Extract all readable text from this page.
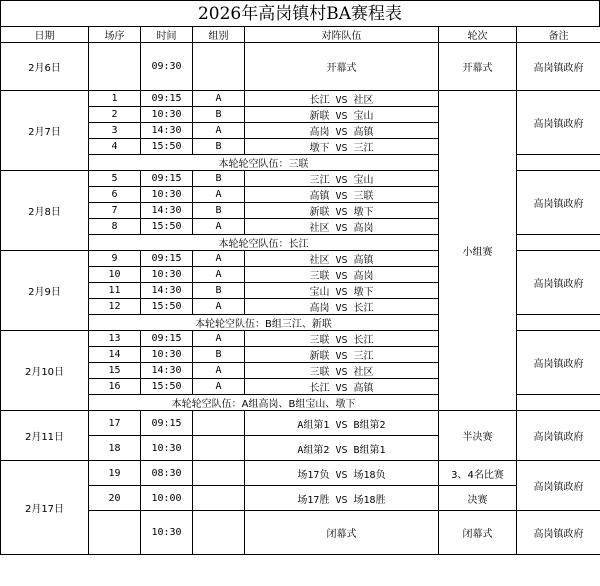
2026年高岗镇村BA赛程表
日期	场序	时间	组别	对阵队伍	轮次	备注
2月6日		09:30		开幕式	开幕式	高岗镇政府
2月7日	1	09:15	A	长江 VS 社区	小组赛	高岗镇政府
	2	10:30	B	新联 VS 宝山		
	3	14:30	A	高岗 VS 高镇		
	4	15:50	B	墩下 VS 三江		
	本轮轮空队伍：三联					
2月8日	5	09:15	B	三江 VS 宝山		高岗镇政府
	6	10:30	A	高镇 VS 三联		
	7	14:30	B	新联 VS 墩下		
	8	15:50	A	社区 VS 高岗		
	本轮轮空队伍：长江					
2月9日	9	09:15	A	社区 VS 高镇		高岗镇政府
	10	10:30	A	三联 VS 高岗		
	11	14:30	B	宝山 VS 墩下		
	12	15:50	A	高岗 VS 长江		
	本轮轮空队伍：B组三江、新联					
2月10日	13	09:15	A	三联 VS 长江		高岗镇政府
	14	10:30	B	新联 VS 三江		
	15	14:30	A	三联 VS 社区		
	16	15:50	A	长江 VS 高镇		
	本轮轮空队伍：A组高岗、B组宝山、墩下					
2月11日	17	09:15		A组第1 VS B组第2	半决赛	高岗镇政府
	18	10:30		A组第2 VS B组第1		
2月17日	19	08:30		场17负 VS 场18负	3、4名比赛	高岗镇政府
	20	10:00		场17胜 VS 场18胜	决赛	
		10:30		闭幕式	闭幕式	高岗镇政府
